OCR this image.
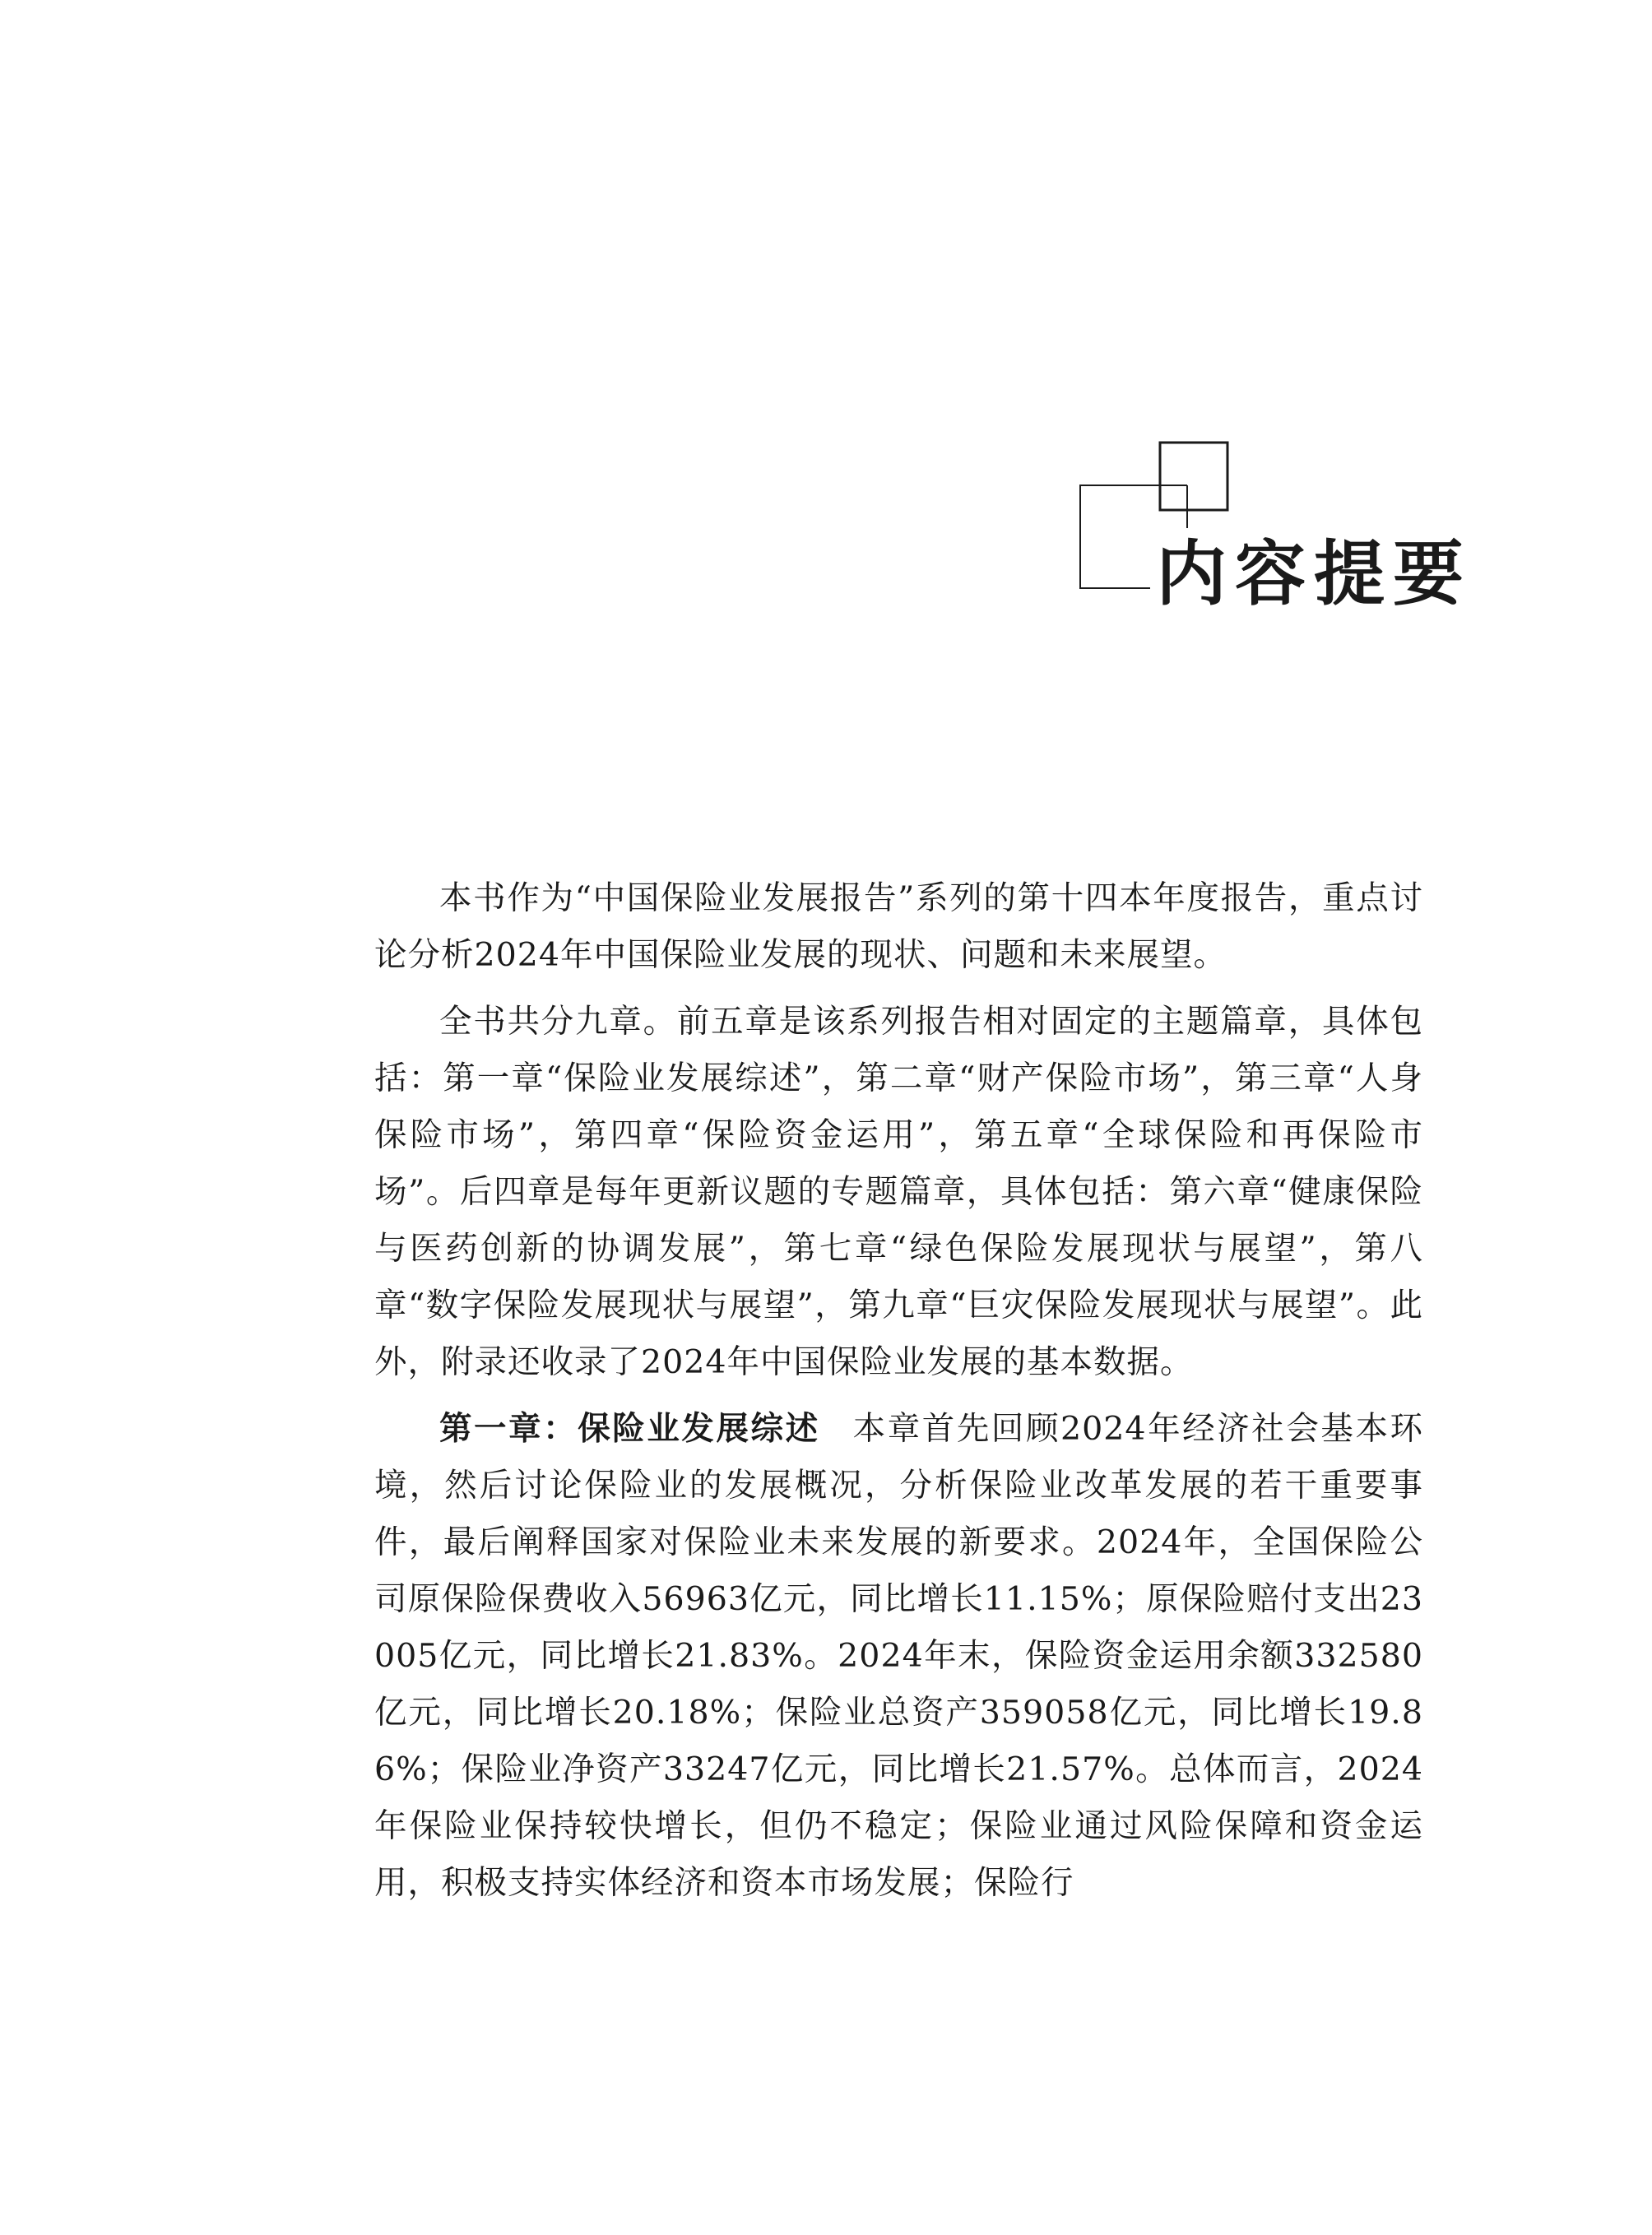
内容提要

本书作为“中国保险业发展报告”系列的第十四本年度报告，重点讨论分析2024年中国保险业发展的现状、问题和未来展望。

全书共分九章。前五章是该系列报告相对固定的主题篇章，具体包括：第一章“保险业发展综述”，第二章“财产保险市场”，第三章“人身保险市场”，第四章“保险资金运用”，第五章“全球保险和再保险市场”。后四章是每年更新议题的专题篇章，具体包括：第六章“健康保险与医药创新的协调发展”，第七章“绿色保险发展现状与展望”，第八章“数字保险发展现状与展望”，第九章“巨灾保险发展现状与展望”。此外，附录还收录了2024年中国保险业发展的基本数据。

第一章：保险业发展综述 本章首先回顾2024年经济社会基本环境，然后讨论保险业的发展概况，分析保险业改革发展的若干重要事件，最后阐释国家对保险业未来发展的新要求。2024年，全国保险公司原保险保费收入56963亿元，同比增长11.15%；原保险赔付支出23005亿元，同比增长21.83%。2024年末，保险资金运用余额332580亿元，同比增长20.18%；保险业总资产359058亿元，同比增长19.86%；保险业净资产33247亿元，同比增长21.57%。总体而言，2024年保险业保持较快增长，但仍不稳定；保险业通过风险保障和资金运用，积极支持实体经济和资本市场发展；保险行
